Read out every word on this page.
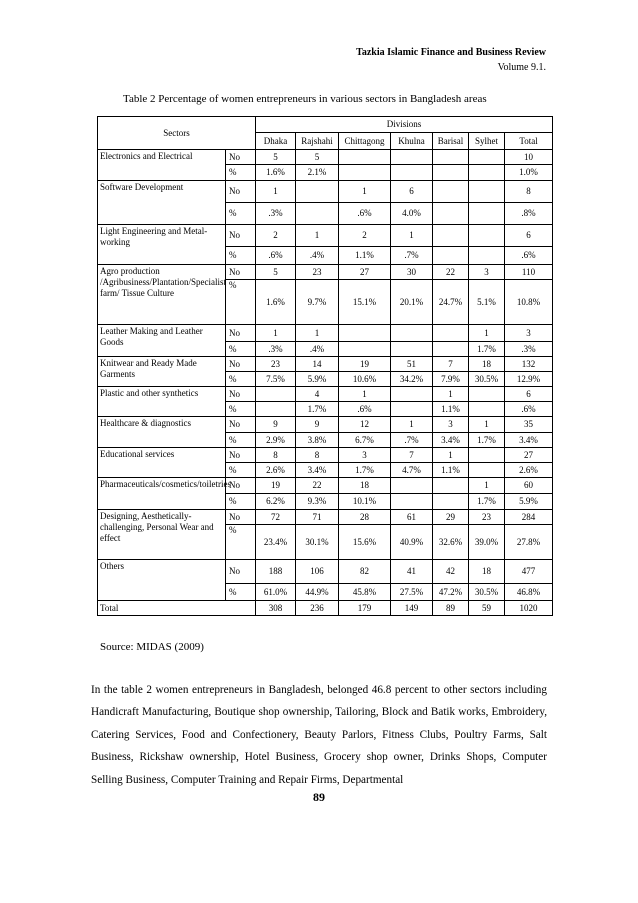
Tazkia Islamic Finance and Business Review
Volume 9.1.
Table 2 Percentage of women entrepreneurs in various sectors in Bangladesh areas
Sectors		Divisions						
		Dhaka	Rajshahi	Chittagong	Khulna	Barisal	Sylhet	Total
Electronics and Electrical	No	5	5					10
	%	1.6%	2.1%					1.0%
Software Development	No	1		1	6			8
	%	.3%		.6%	4.0%			.8%
Light Engineering and Metal-working	No	2	1	2	1			6
	%	.6%	.4%	1.1%	.7%			.6%
Agro production /Agribusiness/Plantation/Specialist farm/ Tissue Culture	No	5	23	27	30	22	3	110
	%	1.6%	9.7%	15.1%	20.1%	24.7%	5.1%	10.8%
Leather Making and Leather Goods	No	1	1				1	3
	%	.3%	.4%				1.7%	.3%
Knitwear and Ready Made Garments	No	23	14	19	51	7	18	132
	%	7.5%	5.9%	10.6%	34.2%	7.9%	30.5%	12.9%
Plastic and other synthetics	No		4	1		1		6
	%		1.7%	.6%		1.1%		.6%
Healthcare & diagnostics	No	9	9	12	1	3	1	35
	%	2.9%	3.8%	6.7%	.7%	3.4%	1.7%	3.4%
Educational services	No	8	8	3	7	1		27
	%	2.6%	3.4%	1.7%	4.7%	1.1%		2.6%
Pharmaceuticals/cosmetics/toiletries	No	19	22	18			1	60
	%	6.2%	9.3%	10.1%			1.7%	5.9%
Designing, Aesthetically-challenging, Personal Wear and effect	No	72	71	28	61	29	23	284
	%	23.4%	30.1%	15.6%	40.9%	32.6%	39.0%	27.8%
Others	No	188	106	82	41	42	18	477
	%	61.0%	44.9%	45.8%	27.5%	47.2%	30.5%	46.8%
Total		308	236	179	149	89	59	1020
Source: MIDAS (2009)
In the table 2 women entrepreneurs in Bangladesh, belonged 46.8 percent to other sectors including Handicraft Manufacturing, Boutique shop ownership, Tailoring, Block and Batik works, Embroidery, Catering Services, Food and Confectionery, Beauty Parlors, Fitness Clubs, Poultry Farms, Salt Business, Rickshaw ownership, Hotel Business, Grocery shop owner, Drinks Shops, Computer Selling Business, Computer Training and Repair Firms, Departmental
89
